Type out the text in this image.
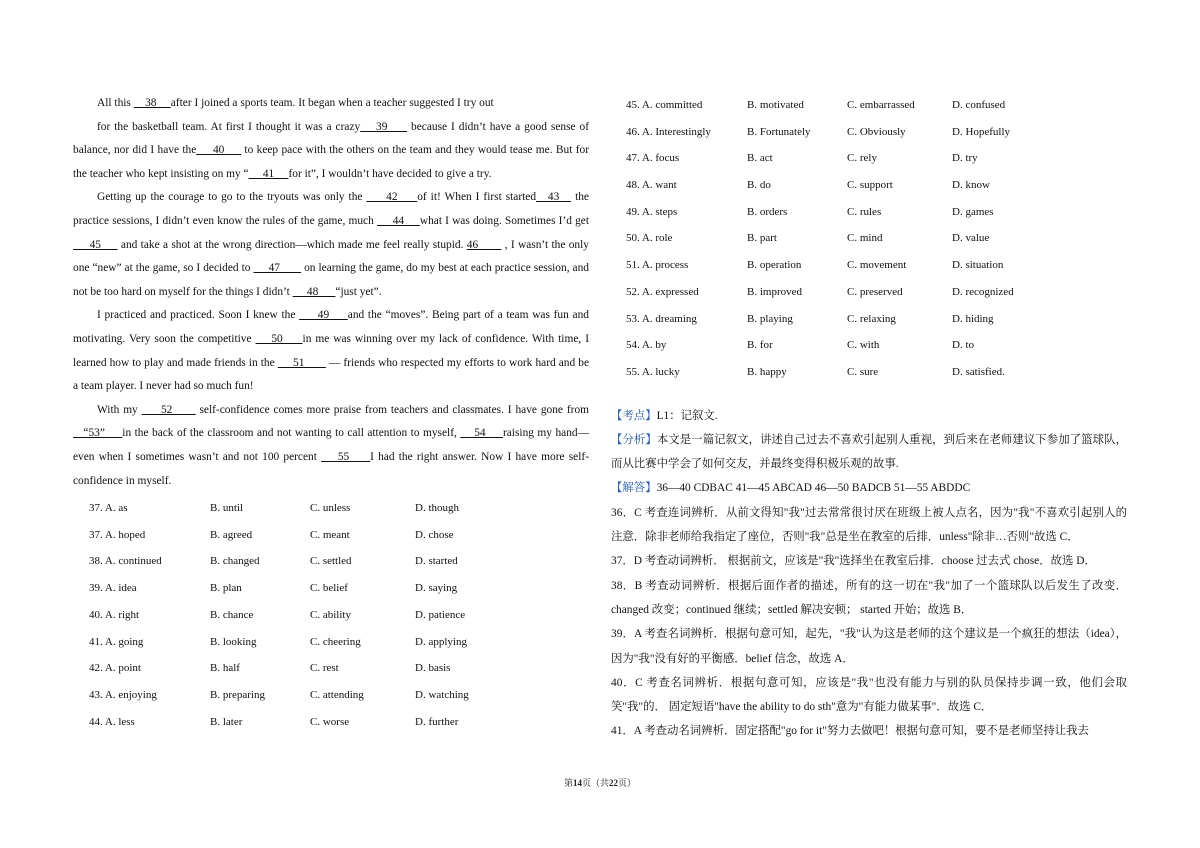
All this     38     after I joined a sports team. It began when a teacher suggested I try out

for the basketball team. At first I thought it was a crazy    39      because I didn’t have a good sense of balance, nor did I have the     40      to keep pace with the others on the team and they would tease me. But for the teacher who kept insisting on my “     41     for it”, I wouldn’t have decided to give a try.

Getting up the courage to go to the tryouts was only the      42     of it! When I first started   43    the practice sessions, I didn’t even know the rules of the game, much      44     what I was doing. Sometimes I’d get      45      and take a shot at the wrong direction—which made me feel really stupid. 46        , I wasn’t the only one “new” at the game, so I decided to      47        on learning the game, do my best at each practice session, and not be too hard on myself for the things I didn’t      48      “just yet”.

I practiced and practiced. Soon I knew the      49     and the “moves”. Being part of a team was fun and motivating. Very soon the competitive     50     in me was winning over my lack of confidence. With time, I learned how to play and made friends in the      51        — friends who respected my efforts to work hard and be a team player. I never had so much fun!

With my      52       self-confidence comes more praise from teachers and classmates. I have gone from    “53”     in the back of the classroom and not wanting to call attention to myself,     54     raising my hand— even when I sometimes wasn’t and not 100 percent     55     I had the right answer. Now I have more self-confidence in myself.

37. A. as	B. until	C. unless	D. though
37. A. hoped	B. agreed	C. meant	D. chose
38. A. continued	B. changed	C. settled	D. started
39. A. idea	B. plan	C. belief	D. saying
40. A. right	B. chance	C. ability	D. patience
41. A. going	B. looking	C. cheering	D. applying
42. A. point	B. half	C. rest	D. basis
43. A. enjoying	B. preparing	C. attending	D. watching
44. A. less	B. later	C. worse	D. further
45. A. committed	B. motivated	C. embarrassed	D. confused
46. A. Interestingly	B. Fortunately	C. Obviously	D. Hopefully
47. A. focus	B. act	C. rely	D. try
48. A. want	B. do	C. support	D. know
49. A. steps	B. orders	C. rules	D. games
50. A. role	B. part	C. mind	D. value
51. A. process	B. operation	C. movement	D. situation
52. A. expressed	B. improved	C. preserved	D. recognized
53. A. dreaming	B. playing	C. relaxing	D. hiding
54. A. by	B. for	C. with	D. to
55. A. lucky	B. happy	C. sure	D. satisfied.

【考点】L1：记叙文.

【分析】本文是一篇记叙文，讲述自己过去不喜欢引起别人重视，到后来在老师建议下参加了篮球队，而从比赛中学会了如何交友，并最终变得积极乐观的故事.

【解答】36—40 CDBAC 41—45 ABCAD 46—50 BADCB 51—55 ABDDC

36．C 考查连词辨析．从前文得知"我"过去常常很讨厌在班级上被人点名，因为"我"不喜欢引起别人的注意．除非老师给我指定了座位，否则"我"总是坐在教室的后排．unless"除非…否则"故选 C．

37．D 考查动词辨析． 根据前文，应该是"我"选择坐在教室后排．choose 过去式 chose．故选 D．

38．B 考查动词辨析．根据后面作者的描述，所有的这一切在"我"加了一个篮球队以后发生了改变．changed 改变；continued 继续；settled 解决安顿； started 开始；故选 B．

39．A 考查名词辨析．根据句意可知，起先，"我"认为这是老师的这个建议是一个疯狂的想法（idea），因为"我"没有好的平衡感．belief 信念，故选 A．

40．C 考查名词辨析．根据句意可知，应该是"我"也没有能力与别的队员保持步调一致，他们会取笑"我"的． 固定短语"have the ability to do sth"意为"有能力做某事"．故选 C．

41．A 考查动名词辨析．固定搭配"go for it"努力去做吧！根据句意可知，要不是老师坚持让我去

第14页（共22页）
